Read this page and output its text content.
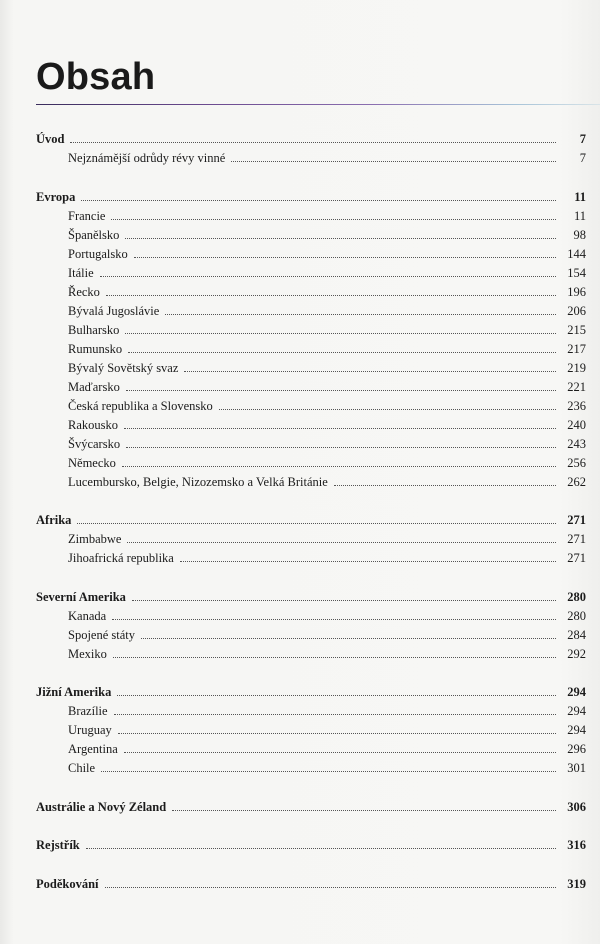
Obsah
Úvod	7
Nejznámější odrůdy révy vinné	7
Evropa	11
Francie	11
Španělsko	98
Portugalsko	144
Itálie	154
Řecko	196
Bývalá Jugoslávie	206
Bulharsko	215
Rumunsko	217
Bývalý Sovětský svaz	219
Maďarsko	221
Česká republika a Slovensko	236
Rakousko	240
Švýcarsko	243
Německo	256
Lucembursko, Belgie, Nizozemsko a Velká Británie	262
Afrika	271
Zimbabwe	271
Jihoafrická republika	271
Severní Amerika	280
Kanada	280
Spojené státy	284
Mexiko	292
Jižní Amerika	294
Brazílie	294
Uruguay	294
Argentina	296
Chile	301
Austrálie a Nový Zéland	306
Rejstřík	316
Poděkování	319
